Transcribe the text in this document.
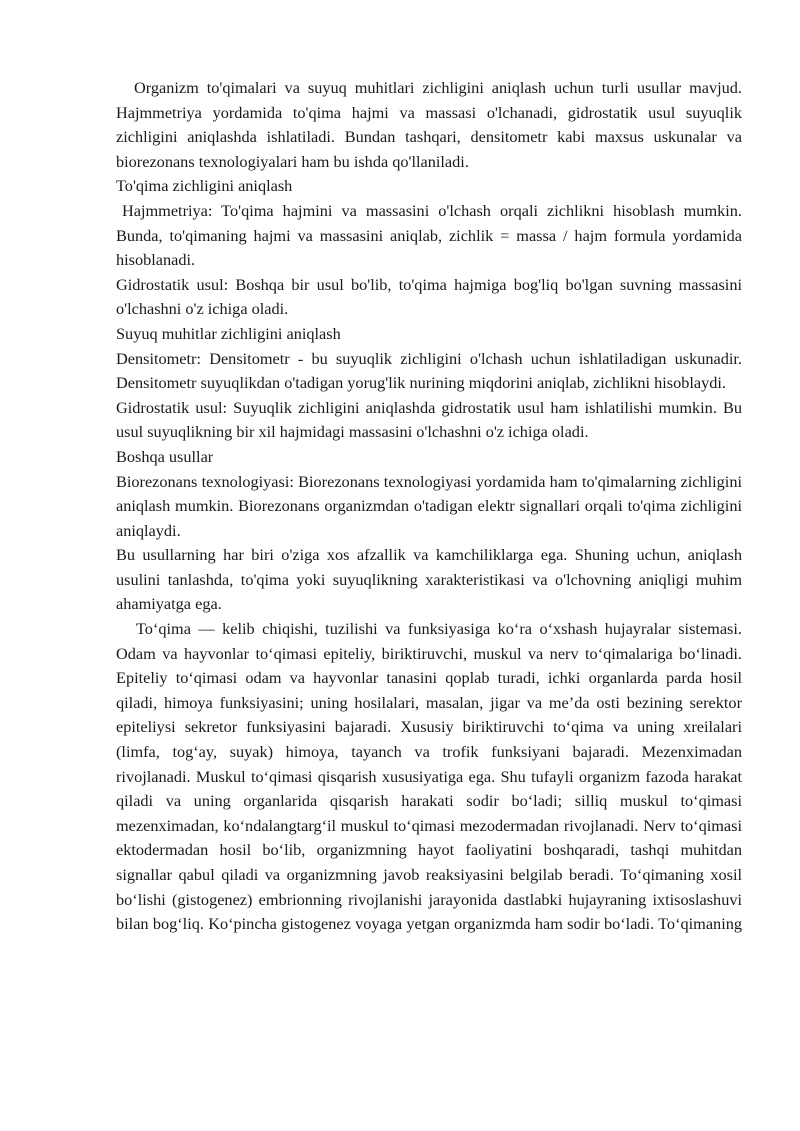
Organizm to'qimalari va suyuq muhitlari zichligini aniqlash uchun turli usullar mavjud. Hajmmetriya yordamida to'qima hajmi va massasi o'lchanadi, gidrostatik usul suyuqlik zichligini aniqlashda ishlatiladi. Bundan tashqari, densitometr kabi maxsus uskunalar va biorezonans texnologiyalari ham bu ishda qo'llaniladi.

To'qima zichligini aniqlash

Hajmmetriya: To'qima hajmini va massasini o'lchash orqali zichlikni hisoblash mumkin. Bunda, to'qimaning hajmi va massasini aniqlab, zichlik = massa / hajm formula yordamida hisoblanadi.

Gidrostatik usul: Boshqa bir usul bo'lib, to'qima hajmiga bog'liq bo'lgan suvning massasini o'lchashni o'z ichiga oladi.

Suyuq muhitlar zichligini aniqlash

Densitometr: Densitometr - bu suyuqlik zichligini o'lchash uchun ishlatiladigan uskunadir. Densitometr suyuqlikdan o'tadigan yorug'lik nurining miqdorini aniqlab, zichlikni hisoblaydi.

Gidrostatik usul: Suyuqlik zichligini aniqlashda gidrostatik usul ham ishlatilishi mumkin. Bu usul suyuqlikning bir xil hajmidagi massasini o'lchashni o'z ichiga oladi.

Boshqa usullar

Biorezonans texnologiyasi: Biorezonans texnologiyasi yordamida ham to'qimalarning zichligini aniqlash mumkin. Biorezonans organizmdan o'tadigan elektr signallari orqali to'qima zichligini aniqlaydi.

Bu usullarning har biri o'ziga xos afzallik va kamchiliklarga ega. Shuning uchun, aniqlash usulini tanlashda, to'qima yoki suyuqlikning xarakteristikasi va o'lchovning aniqligi muhim ahamiyatga ega.

To‘qima — kelib chiqishi, tuzilishi va funksiyasiga ko‘ra o‘xshash hujayralar sistemasi. Odam va hayvonlar to‘qimasi epiteliy, biriktiruvchi, muskul va nerv to‘qimalariga bo‘linadi. Epiteliy to‘qimasi odam va hayvonlar tanasini qoplab turadi, ichki organlarda parda hosil qiladi, himoya funksiyasini; uning hosilalari, masalan, jigar va me’da osti bezining serektor epiteliysi sekretor funksiyasini bajaradi. Xususiy biriktiruvchi to‘qima va uning xreilalari (limfa, tog‘ay, suyak) himoya, tayanch va trofik funksiyani bajaradi. Mezenximadan rivojlanadi. Muskul to‘qimasi qisqarish xususiyatiga ega. Shu tufayli organizm fazoda harakat qiladi va uning organlarida qisqarish harakati sodir bo‘ladi; silliq muskul to‘qimasi mezenximadan, ko‘ndalangtarg‘il muskul to‘qimasi mezodermadan rivojlanadi. Nerv to‘qimasi ektodermadan hosil bo‘lib, organizmning hayot faoliyatini boshqaradi, tashqi muhitdan signallar qabul qiladi va organizmning javob reaksiyasini belgilab beradi. To‘qimaning xosil bo‘lishi (gistogenez) embrionning rivojlanishi jarayonida dastlabki hujayraning ixtisoslashuvi bilan bog‘liq. Ko‘pincha gistogenez voyaga yetgan organizmda ham sodir bo‘ladi. To‘qimaning
